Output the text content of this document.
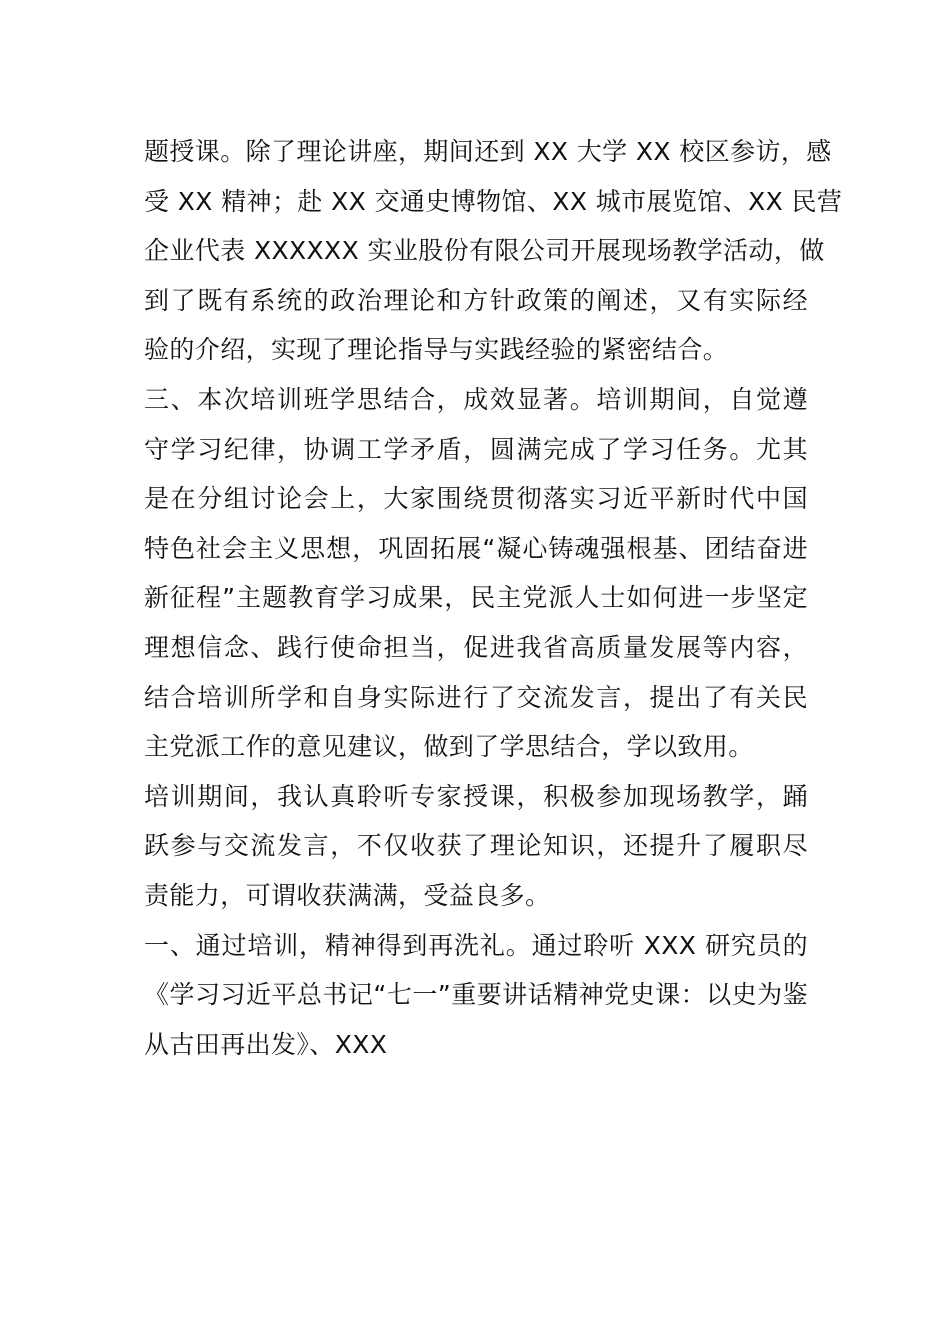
题授课。除了理论讲座，期间还到 XX 大学 XX 校区参访，感
受 XX 精神；赴 XX 交通史博物馆、XX 城市展览馆、XX 民营
企业代表 XXXXXX 实业股份有限公司开展现场教学活动，做
到了既有系统的政治理论和方针政策的阐述，又有实际经
验的介绍，实现了理论指导与实践经验的紧密结合。
三、本次培训班学思结合，成效显著。培训期间，自觉遵
守学习纪律，协调工学矛盾，圆满完成了学习任务。尤其
是在分组讨论会上，大家围绕贯彻落实习近平新时代中国
特色社会主义思想，巩固拓展“凝心铸魂强根基、团结奋进
新征程”主题教育学习成果，民主党派人士如何进一步坚定
理想信念、践行使命担当，促进我省高质量发展等内容，
结合培训所学和自身实际进行了交流发言，提出了有关民
主党派工作的意见建议，做到了学思结合，学以致用。
培训期间，我认真聆听专家授课，积极参加现场教学，踊
跃参与交流发言，不仅收获了理论知识，还提升了履职尽
责能力，可谓收获满满，受益良多。
一、通过培训，精神得到再洗礼。通过聆听 XXX 研究员的
《学习习近平总书记“七一”重要讲话精神党史课：以史为鉴
从古田再出发》、XXX
